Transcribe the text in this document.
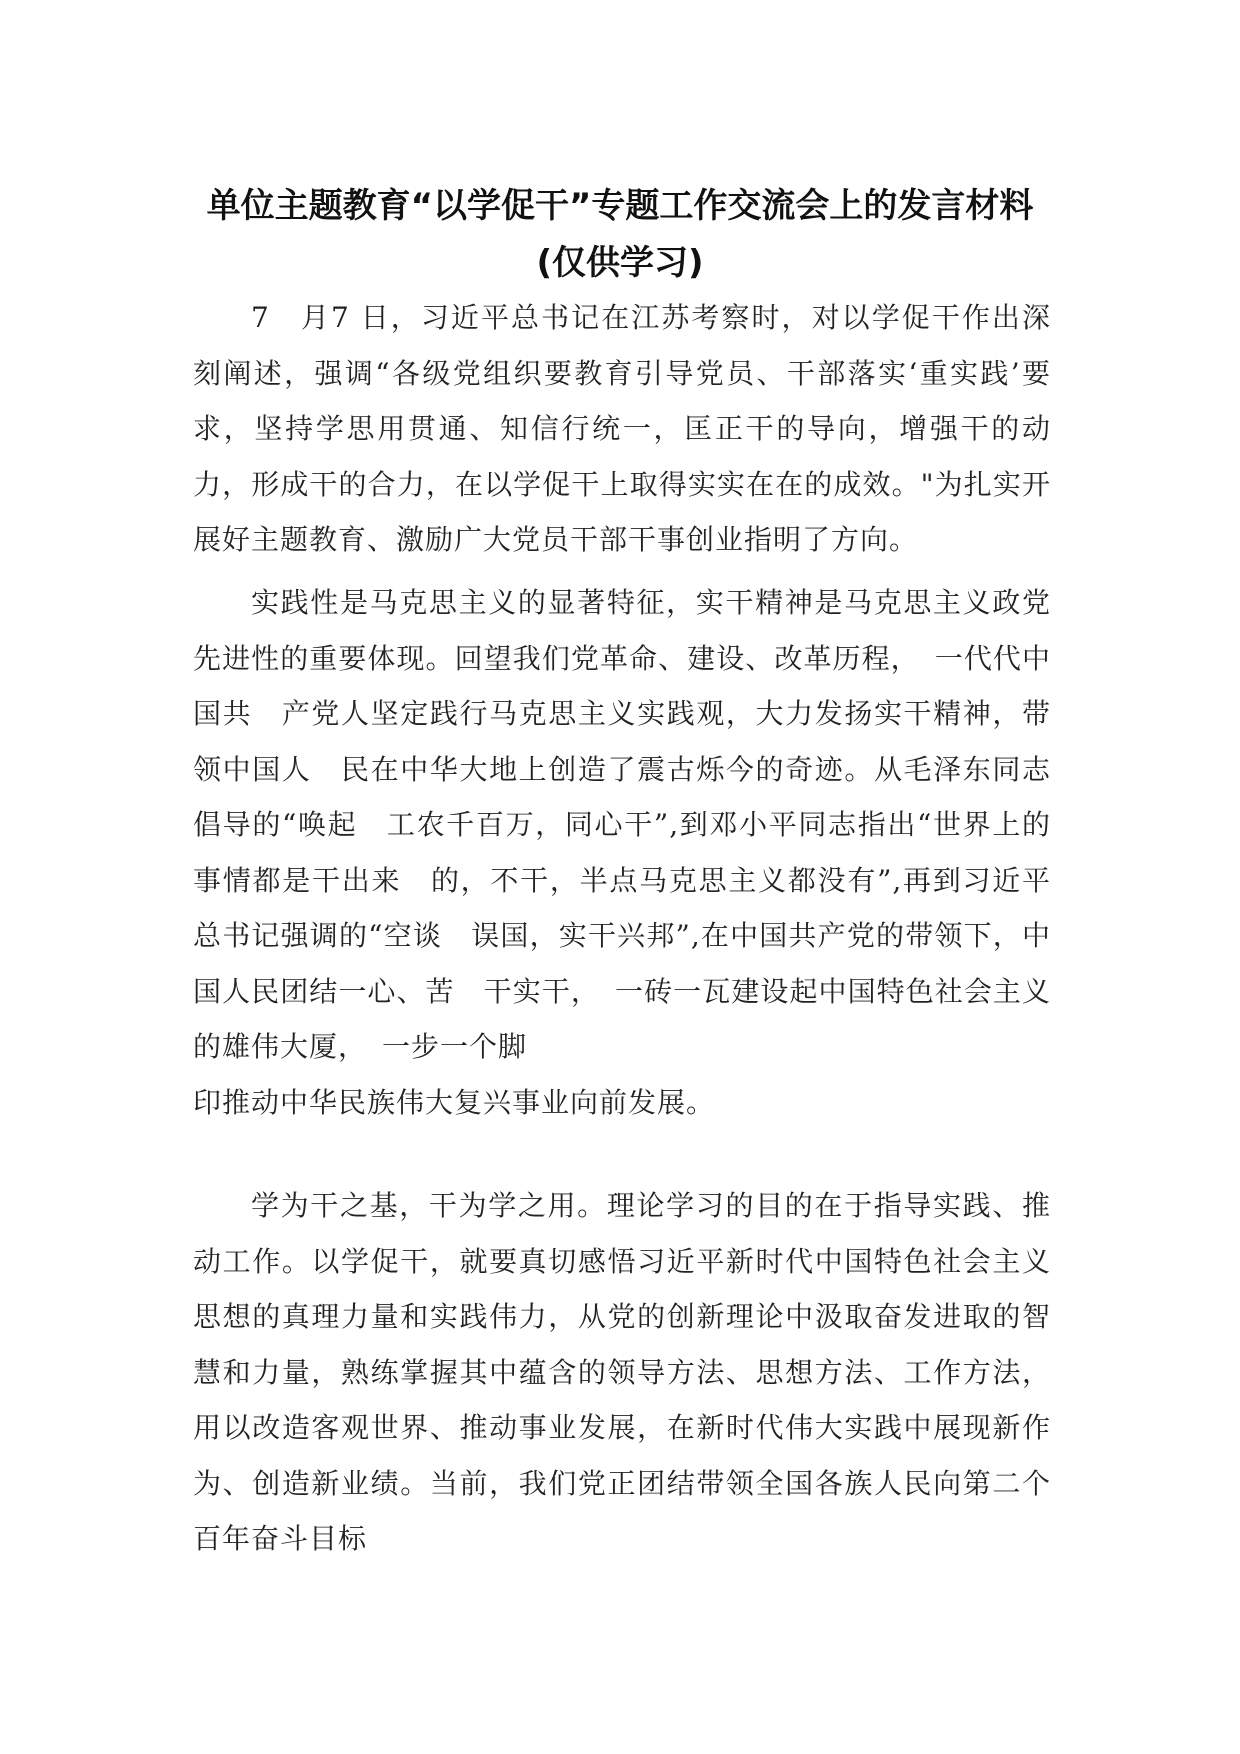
单位主题教育“以学促干”专题工作交流会上的发言材料(仅供学习)

7　月7 日，习近平总书记在江苏考察时，对以学促干作出深刻阐述，强调“各级党组织要教育引导党员、干部落实‘重实践’要求，坚持学思用贯通、知信行统一，匡正干的导向，增强干的动力，形成干的合力，在以学促干上取得实实在在的成效。"为扎实开展好主题教育、激励广大党员干部干事创业指明了方向。

实践性是马克思主义的显著特征，实干精神是马克思主义政党先进性的重要体现。回望我们党革命、建设、改革历程，　一代代中国共　产党人坚定践行马克思主义实践观，大力发扬实干精神，带领中国人　民在中华大地上创造了震古烁今的奇迹。从毛泽东同志倡导的“唤起　工农千百万，同心干”,到邓小平同志指出“世界上的事情都是干出来　的，不干，半点马克思主义都没有”,再到习近平总书记强调的“空谈　误国，实干兴邦”,在中国共产党的带领下，中国人民团结一心、苦　干实干，　一砖一瓦建设起中国特色社会主义的雄伟大厦，　一步一个脚
印推动中华民族伟大复兴事业向前发展。

学为干之基，干为学之用。理论学习的目的在于指导实践、推动工作。以学促干，就要真切感悟习近平新时代中国特色社会主义思想的真理力量和实践伟力，从党的创新理论中汲取奋发进取的智慧和力量，熟练掌握其中蕴含的领导方法、思想方法、工作方法，用以改造客观世界、推动事业发展，在新时代伟大实践中展现新作为、创造新业绩。当前，我们党正团结带领全国各族人民向第二个百年奋斗目标
